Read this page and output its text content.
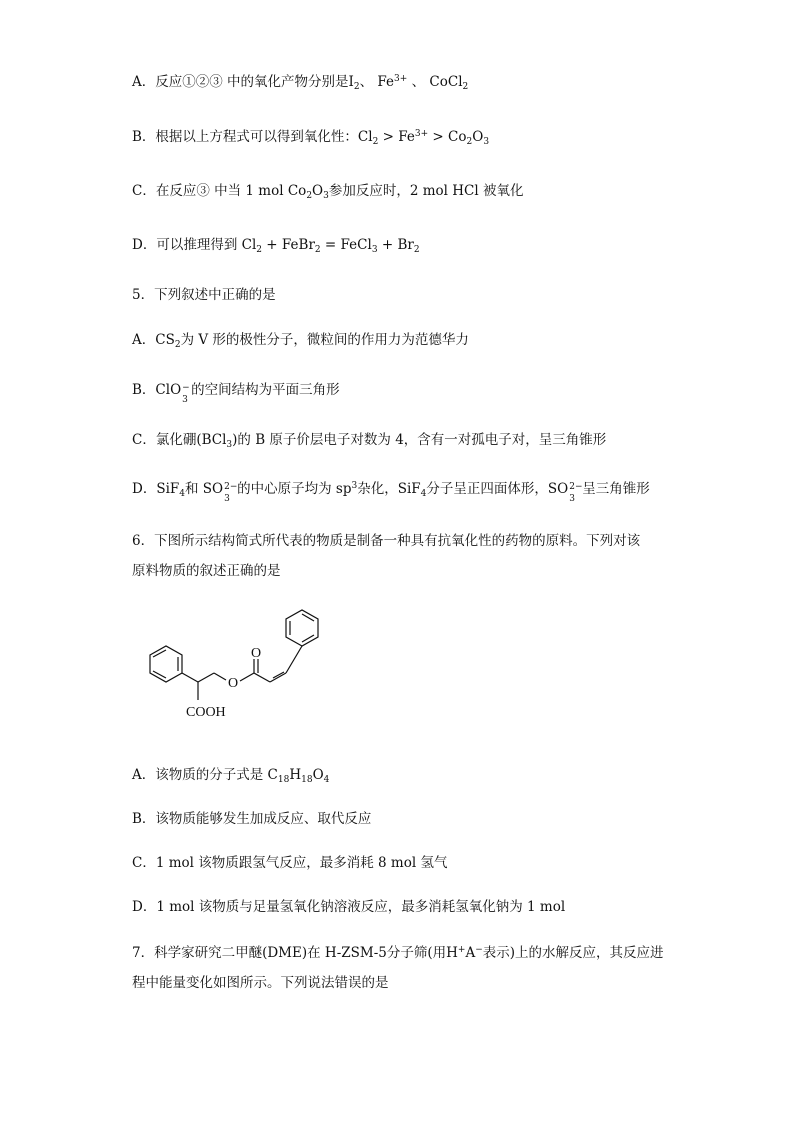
A．反应①②③ 中的氧化产物分别是$I_2$、 $Fe^{3+}$ 、 CoCl$_2$
B．根据以上方程式可以得到氧化性：$Cl_2 > Fe^{3+} > Co_2O_3$
C．在反应③ 中当 1 mol $Co_2O_3$参加反应时，2 mol HCl 被氧化
D．可以推理得到 $Cl_2$ + FeBr$_2$ = FeCl$_3$ + $Br_2$
5．下列叙述中正确的是
A．$CS_2$为 V 形的极性分子，微粒间的作用力为范德华力
B．ClO −
3
的空间结构为平面三角形
C．氯化硼(BCl$_3$)的 B 原子价层电子对数为 4，含有一对孤电子对，呈三角锥形
D．SiF$_4$和 SO 2−
3
的中心原子均为 $sp^3$杂化，SiF$_4$分子呈正四面体形，SO 2−
3
呈三角锥形
6．下图所示结构简式所代表的物质是制备一种具有抗氧化性的药物的原料。下列对该
原料物质的叙述正确的是
O
O
COOH
A．该物质的分子式是 $C_{18}H_{18}O_4$
B．该物质能够发生加成反应、取代反应
C．1 mol 该物质跟氢气反应，最多消耗 8 mol 氢气
D．1 mol 该物质与足量氢氧化钠溶液反应，最多消耗氢氧化钠为 1 mol
7．科学家研究二甲醚(DME)在 H-ZSM-5分子筛(用H+A−表示)上的水解反应，其反应进
程中能量变化如图所示。下列说法错误的是
